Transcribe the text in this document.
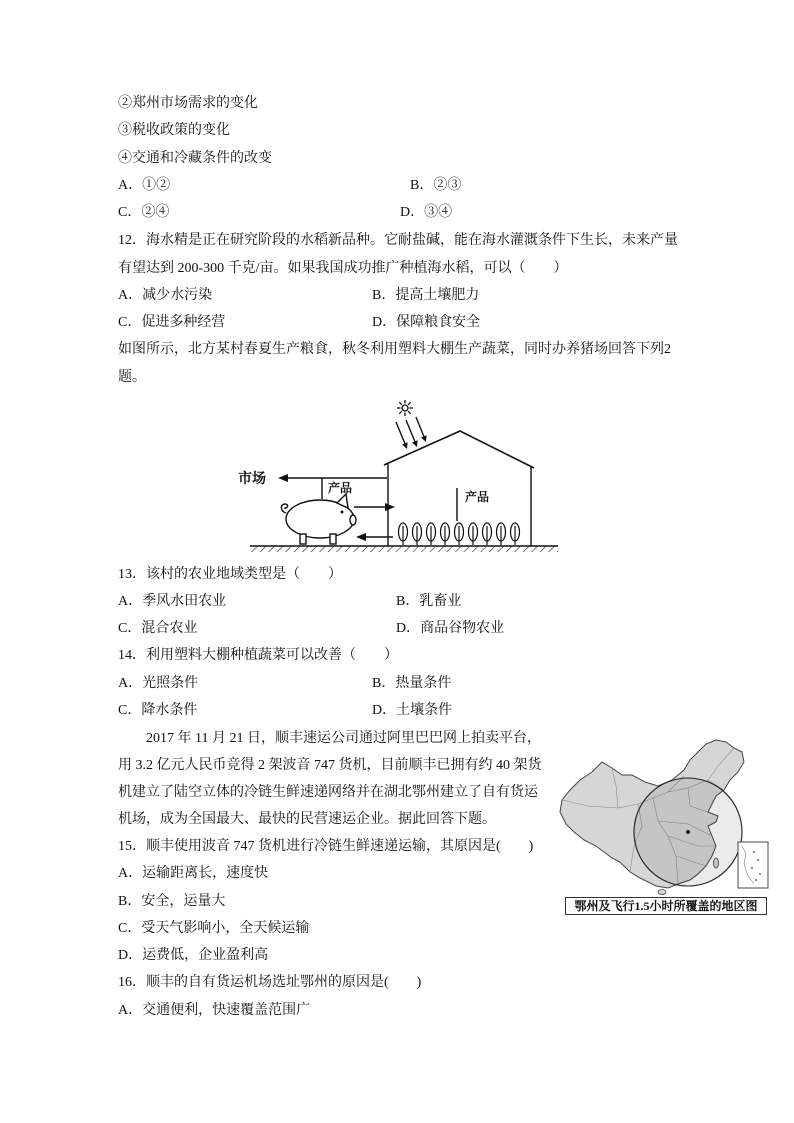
②郑州市场需求的变化
③税收政策的变化
④交通和冷藏条件的改变
A．①②	B．②③
C．②④	D．③④
12．海水精是正在研究阶段的水稻新品种。它耐盐碱，能在海水灌溉条件下生长，未来产量
有望达到 200-300 千克/亩。如果我国成功推广种植海水稻，可以（　　）
A．减少水污染	B．提高土壤肥力
C．促进多种经营	D．保障粮食安全
如图所示，北方某村春夏生产粮食，秋冬利用塑料大棚生产蔬菜，同时办养猪场回答下列2
题。
市场
产品
产品
13．该村的农业地域类型是（　　）
A．季风水田农业	B．乳畜业
C．混合农业	D．商品谷物农业
14．利用塑料大棚种植蔬菜可以改善（　　）
A．光照条件	B．热量条件
C．降水条件	D．土壤条件
2017 年 11 月 21 日，顺丰速运公司通过阿里巴巴网上拍卖平台，
用 3.2 亿元人民币竞得 2 架波音 747 货机，目前顺丰已拥有约 40 架货
机建立了陆空立体的冷链生鲜速递网络并在湖北鄂州建立了自有货运
机场，成为全国最大、最快的民营速运企业。据此回答下题。
鄂州及飞行1.5小时所覆盖的地区图
15．顺丰使用波音 747 货机进行冷链生鲜速递运输，其原因是(　　)
A．运输距离长，速度快
B．安全，运量大
C．受天气影响小，全天候运输
D．运费低，企业盈利高
16．顺丰的自有货运机场选址鄂州的原因是(　　)
A．交通便利，快速覆盖范围广
